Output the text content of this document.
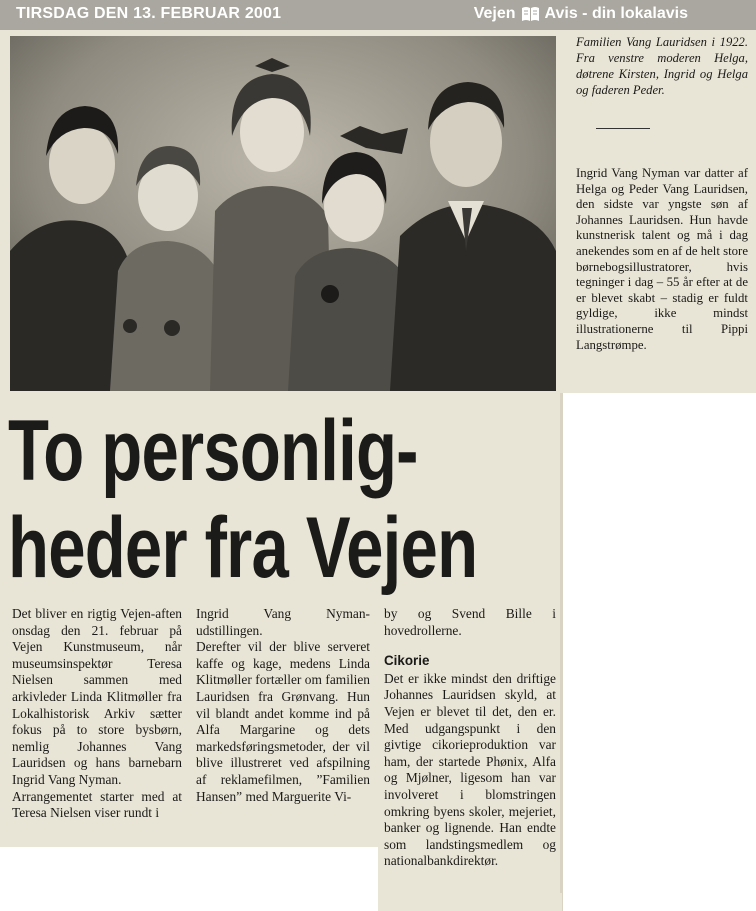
TIRSDAG DEN 13. FEBRUAR 2001	Vejen Avis - din lokalavis
Familien Vang Lauridsen i 1922. Fra venstre moderen Helga, døtrene Kirsten, Ingrid og Helga og faderen Peder.
Ingrid Vang Nyman var datter af Helga og Peder Vang Lauridsen, den sidste var yngste søn af Johannes Lauridsen. Hun havde kunstnerisk talent og må i dag anekendes som en af de helt store børnebogsillustratorer, hvis tegninger i dag – 55 år efter at de er blevet skabt – stadig er fuldt gyldige, ikke mindst illustrationerne til Pippi Langstrømpe.
To personlig-
heder fra Vejen

Det bliver en rigtig Vejen-aften onsdag den 21. februar på Vejen Kunstmuseum, når museumsinspektør Teresa Nielsen sammen med arkivleder Linda Klitmøller fra Lokalhistorisk Arkiv sætter fokus på to store bysbørn, nemlig Johannes Vang Lauridsen og hans barnebarn Ingrid Vang Nyman.

Arrangementet starter med at Teresa Nielsen viser rundt i

Ingrid Vang Nyman-udstillingen.

Derefter vil der blive serveret kaffe og kage, medens Linda Klitmøller fortæller om familien Lauridsen fra Grønvang. Hun vil blandt andet komme ind på Alfa Margarine og dets markedsføringsmetoder, der vil blive illustreret ved afspilning af reklamefilmen, ”Familien Hansen” med Marguerite Vi-

by og Svend Bille i hovedrollerne.

Cikorie

Det er ikke mindst den driftige Johannes Lauridsen skyld, at Vejen er blevet til det, den er. Med udgangspunkt i den givtige cikorieproduktion var ham, der startede Phønix, Alfa og Mjølner, ligesom han var involveret i blomstringen omkring byens skoler, mejeriet, banker og lignende. Han endte som landstingsmedlem og nationalbankdirektør.
